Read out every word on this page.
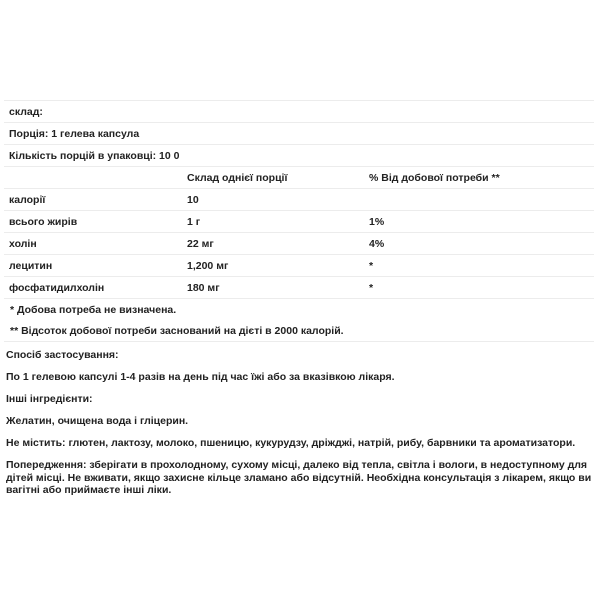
склад:		
Порція: 1 гелева капсула		
Кількість порцій в упаковці: 10 0		
	Склад однієї порції	% Від добової потреби **
калорії	10	
всього жирів	1 г	1%
холін	22 мг	4%
лецитин	1,200 мг	*
фосфатидилхолін	180 мг	*
* Добова потреба не визначена.		
** Відсоток добової потреби заснований на дієті в 2000 калорій.		
Спосіб застосування:
По 1 гелевою капсулі 1-4 разів на день під час їжі або за вказівкою лікаря.
Інші інгредієнти:
Желатин, очищена вода і гліцерин.
Не містить: глютен, лактозу, молоко, пшеницю, кукурудзу, дріжджі, натрій, рибу, барвники та ароматизатори.
Попередження: зберігати в прохолодному, сухому місці, далеко від тепла, світла і вологи, в недоступному для дітей місці. Не вживати, якщо захисне кільце зламано або відсутній. Необхідна консультація з лікарем, якщо ви вагітні або приймаєте інші ліки.
